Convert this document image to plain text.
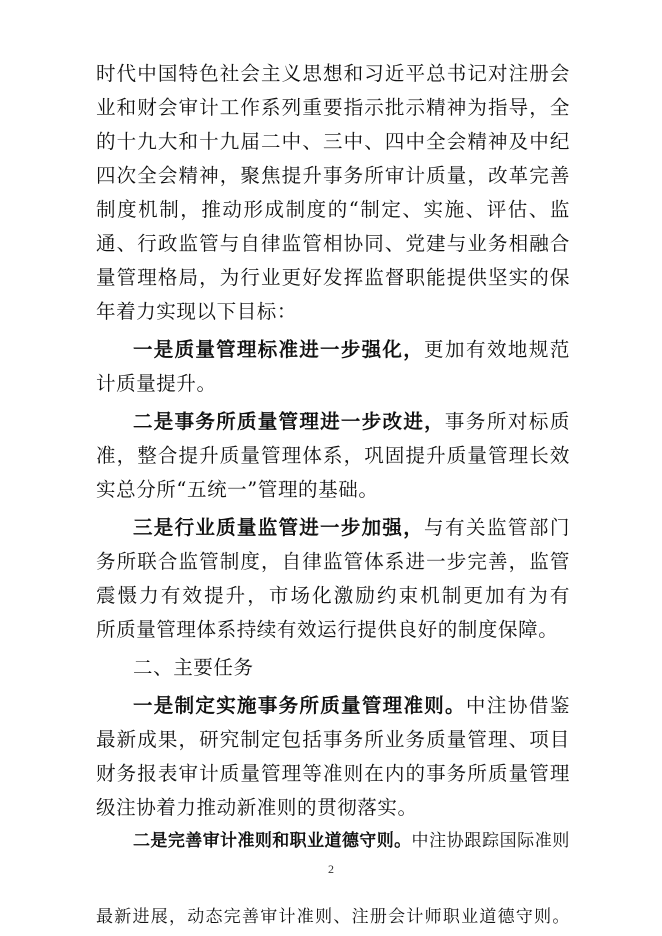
时代中国特色社会主义思想和习近平总书记对注册会
业和财会审计工作系列重要指示批示精神为指导，全
的十九大和十九届二中、三中、四中全会精神及中纪
四次全会精神，聚焦提升事务所审计质量，改革完善
制度机制，推动形成制度的“制定、实施、评估、监
通、行政监管与自律监管相协同、党建与业务相融合
量管理格局，为行业更好发挥监督职能提供坚实的保
年着力实现以下目标：
一是质量管理标准进一步强化，更加有效地规范
计质量提升。
二是事务所质量管理进一步改进，事务所对标质
准，整合提升质量管理体系，巩固提升质量管理长效
实总分所“五统一”管理的基础。
三是行业质量监管进一步加强，与有关监管部门
务所联合监管制度，自律监管体系进一步完善，监管
震慑力有效提升，市场化激励约束机制更加有为有
所质量管理体系持续有效运行提供良好的制度保障。
二、主要任务
一是制定实施事务所质量管理准则。中注协借鉴
2
最新成果，研究制定包括事务所业务质量管理、项目
财务报表审计质量管理等准则在内的事务所质量管理
级注协着力推动新准则的贯彻落实。
二是完善审计准则和职业道德守则。中注协跟踪国际准则
最新进展，动态完善审计准则、注册会计师职业道德守则。
